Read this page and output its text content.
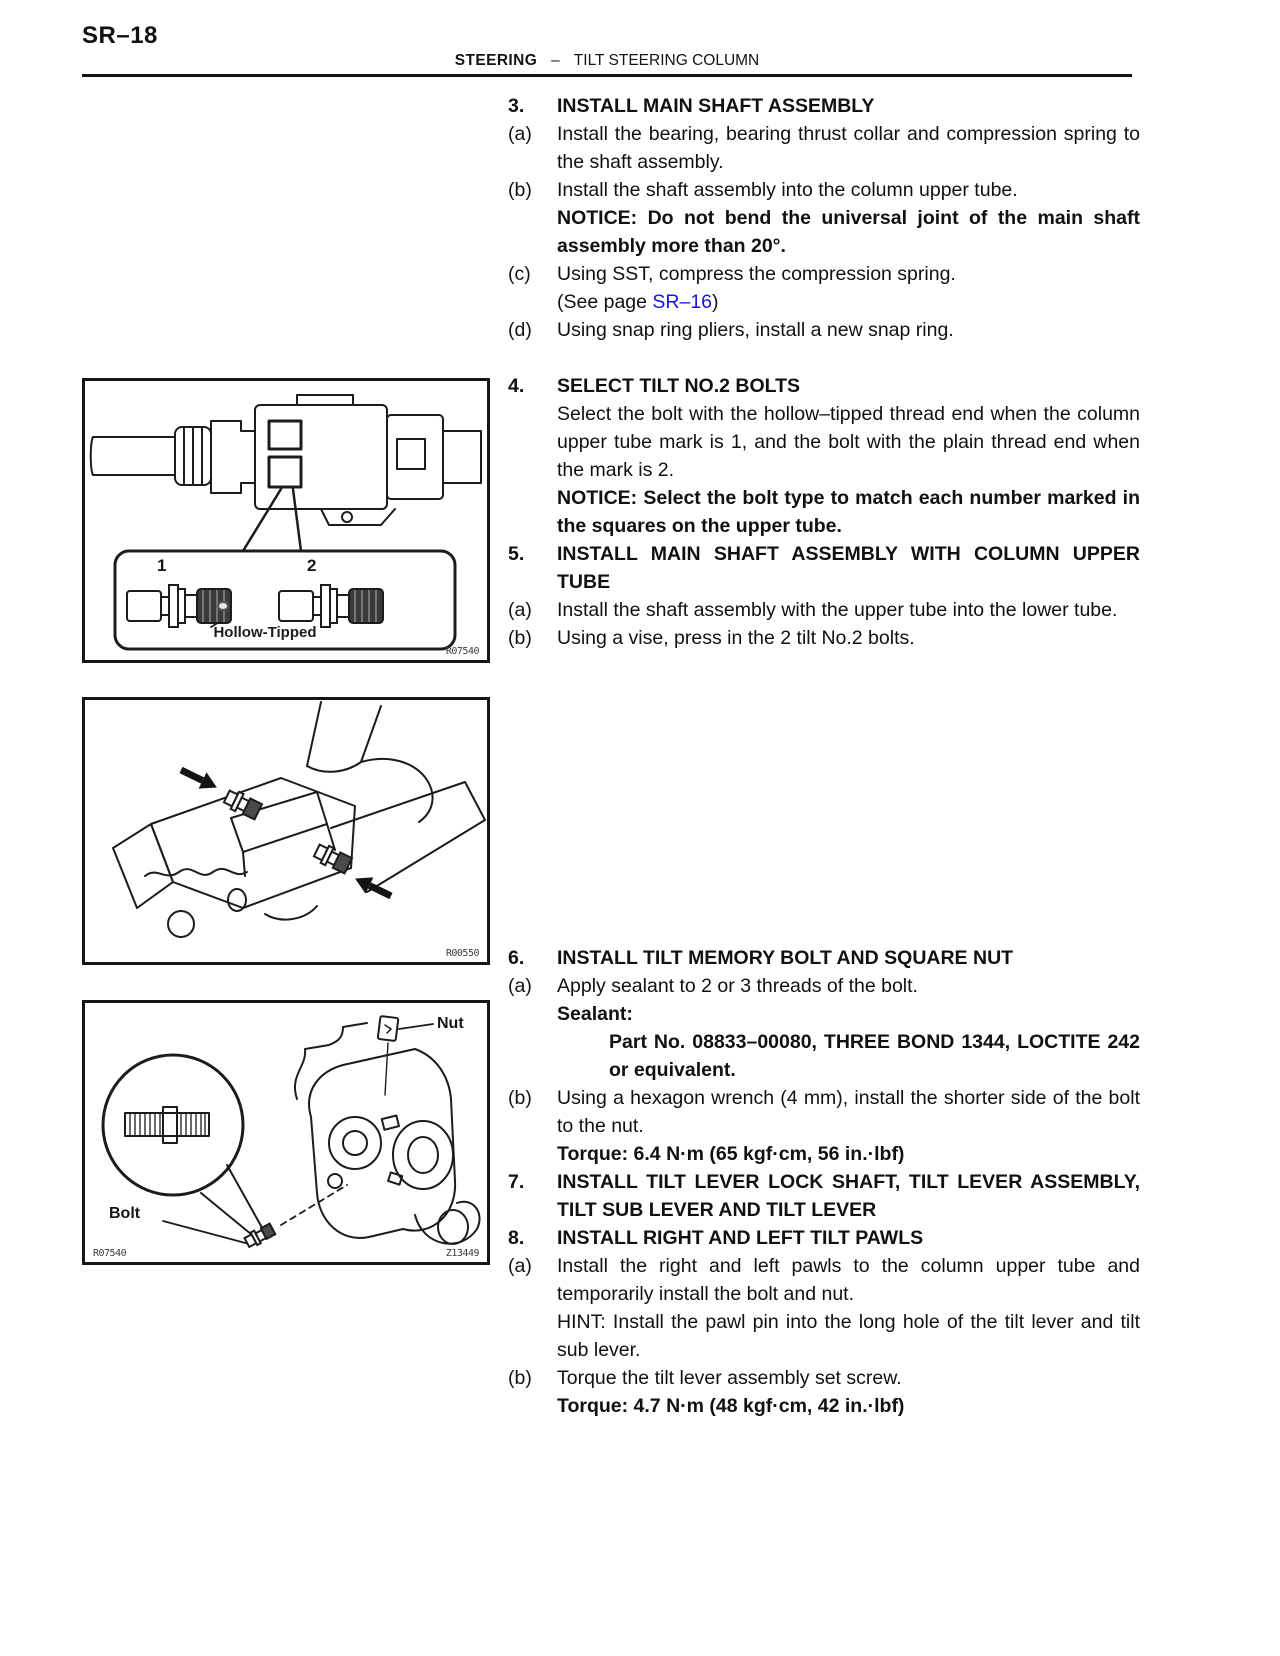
SR–18
STEERING – TILT STEERING COLUMN
1	2
Hollow-Tipped
R07540
R00550
Nut
Bolt
R07540	Z13449
3.	INSTALL MAIN SHAFT ASSEMBLY
(a)	Install the bearing, bearing thrust collar and compression spring to the shaft assembly.
(b)	Install the shaft assembly into the column upper tube.
NOTICE: Do not bend the universal joint of the main shaft assembly more than 20°.
(c)	Using SST, compress the compression spring.
(See page SR–16)
(d)	Using snap ring pliers, install a new snap ring.
4.	SELECT TILT NO.2 BOLTS
Select the bolt with the hollow–tipped thread end when the column upper tube mark is 1, and the bolt with the plain thread end when the mark is 2.
NOTICE: Select the bolt type to match each number marked in the squares on the upper tube.
5.	INSTALL MAIN SHAFT ASSEMBLY WITH COLUMN UPPER TUBE
(a)	Install the shaft assembly with the upper tube into the lower tube.
(b)	Using a vise, press in the 2 tilt No.2 bolts.
6.	INSTALL TILT MEMORY BOLT AND SQUARE NUT
(a)	Apply sealant to 2 or 3 threads of the bolt.
Sealant:
Part No. 08833–00080, THREE BOND 1344, LOCTITE 242 or equivalent.
(b)	Using a hexagon wrench (4 mm), install the shorter side of the bolt to the nut.
Torque: 6.4 N·m (65 kgf·cm, 56 in.·lbf)
7.	INSTALL TILT LEVER LOCK SHAFT, TILT LEVER ASSEMBLY, TILT SUB LEVER AND TILT LEVER
8.	INSTALL RIGHT AND LEFT TILT PAWLS
(a)	Install the right and left pawls to the column upper tube and temporarily install the bolt and nut.
HINT: Install the pawl pin into the long hole of the tilt lever and tilt sub lever.
(b)	Torque the tilt lever assembly set screw.
Torque: 4.7 N·m (48 kgf·cm, 42 in.·lbf)
